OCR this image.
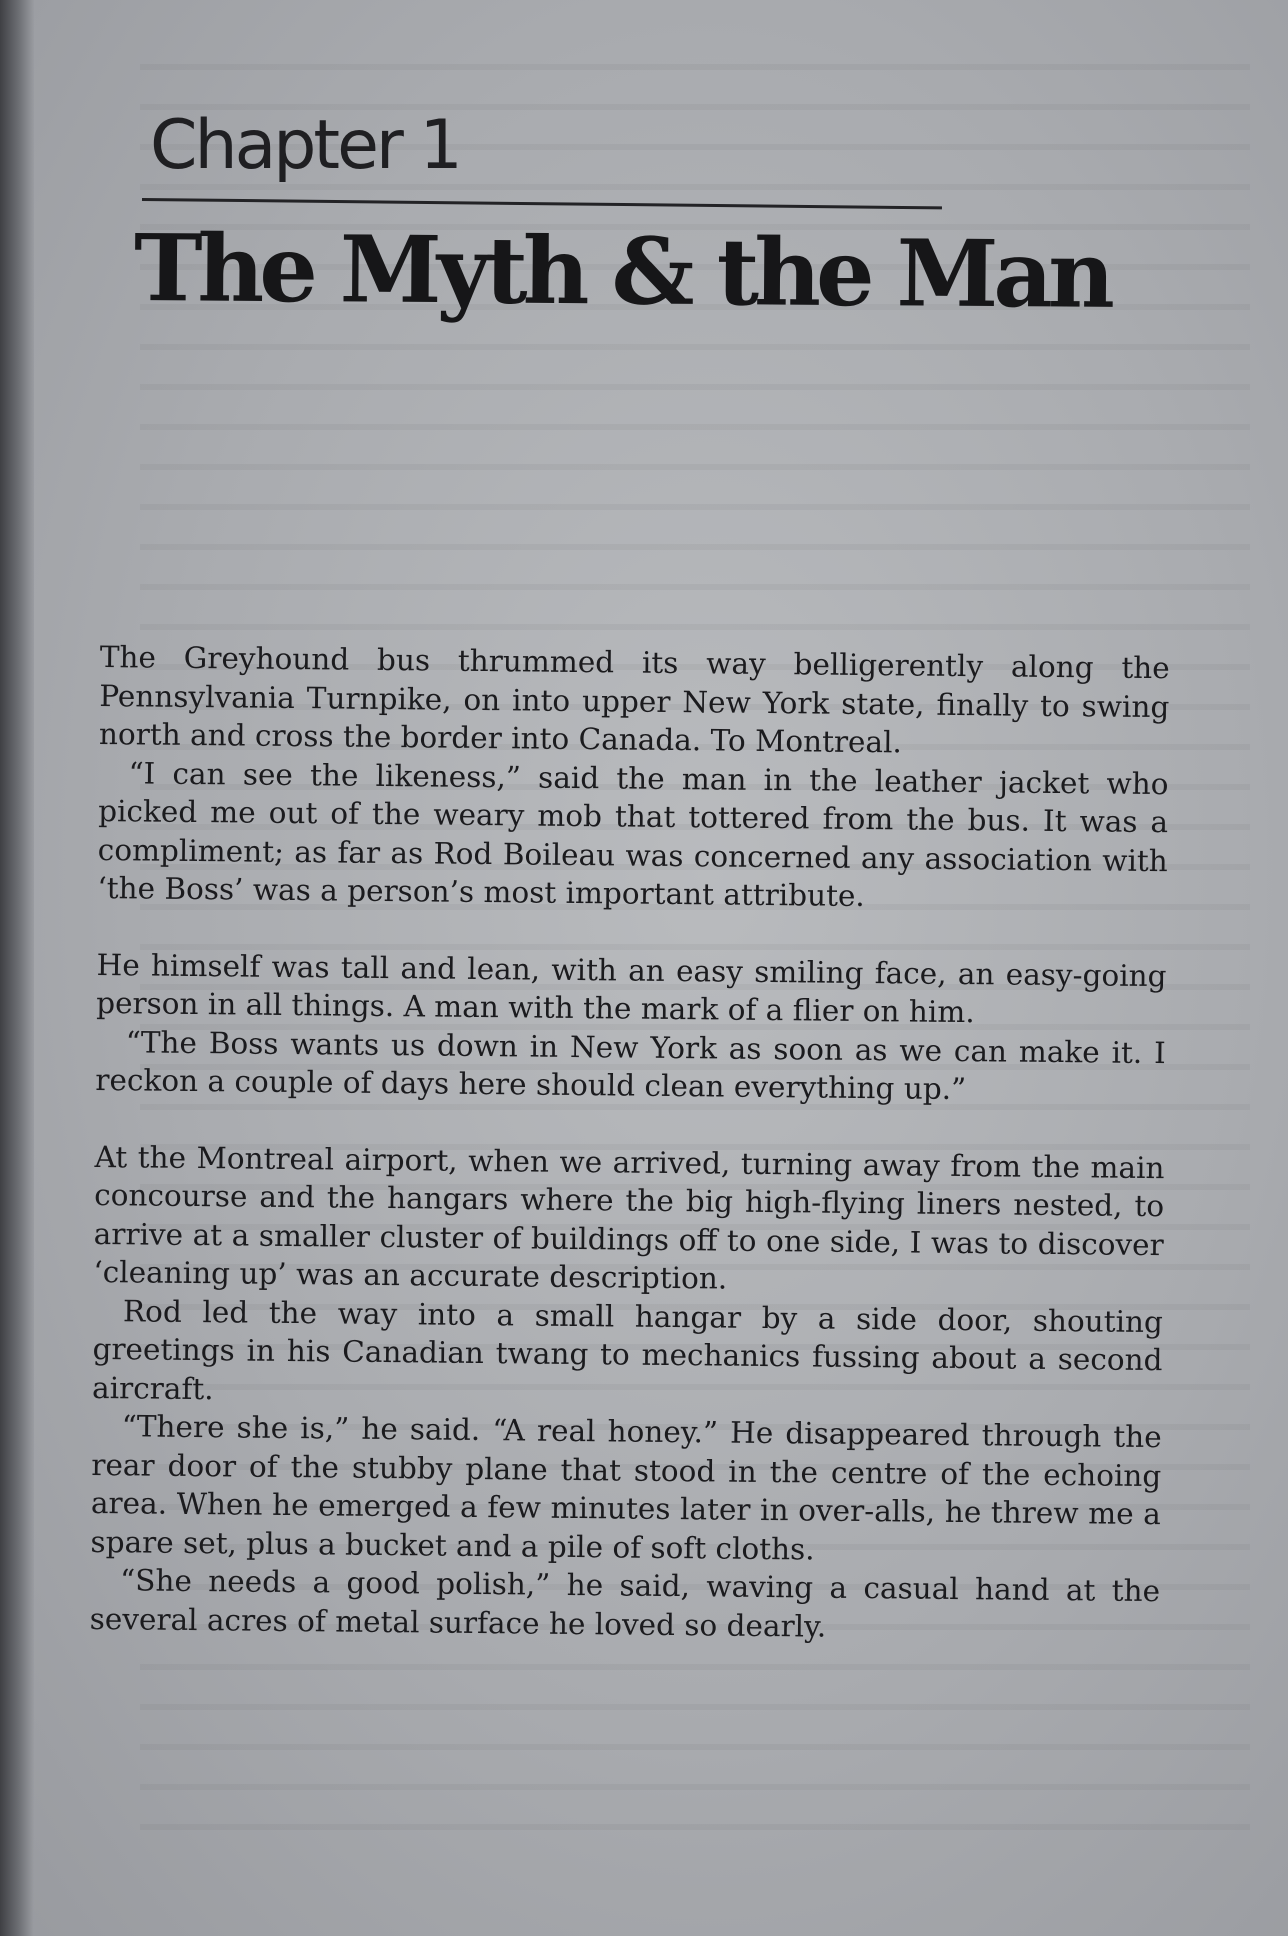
Chapter 1
The Myth & the Man

The Greyhound bus thrummed its way belligerently along the Pennsylvania Turnpike, on into upper New York state, finally to swing north and cross the border into Canada. To Montreal.

“I can see the likeness,” said the man in the leather jacket who picked me out of the weary mob that tottered from the bus. It was a compliment; as far as Rod Boileau was concerned any association with ‘the Boss’ was a person’s most important attribute.

He himself was tall and lean, with an easy smiling face, an easy-going person in all things. A man with the mark of a flier on him.

“The Boss wants us down in New York as soon as we can make it. I reckon a couple of days here should clean everything up.”

At the Montreal airport, when we arrived, turning away from the main concourse and the hangars where the big high-flying liners nested, to arrive at a smaller cluster of buildings off to one side, I was to discover ‘cleaning up’ was an accurate description.

Rod led the way into a small hangar by a side door, shouting greetings in his Canadian twang to mechanics fussing about a second aircraft.

“There she is,” he said. “A real honey.” He disappeared through the rear door of the stubby plane that stood in the centre of the echoing area. When he emerged a few minutes later in over-alls, he threw me a spare set, plus a bucket and a pile of soft cloths.

“She needs a good polish,” he said, waving a casual hand at the several acres of metal surface he loved so dearly.
